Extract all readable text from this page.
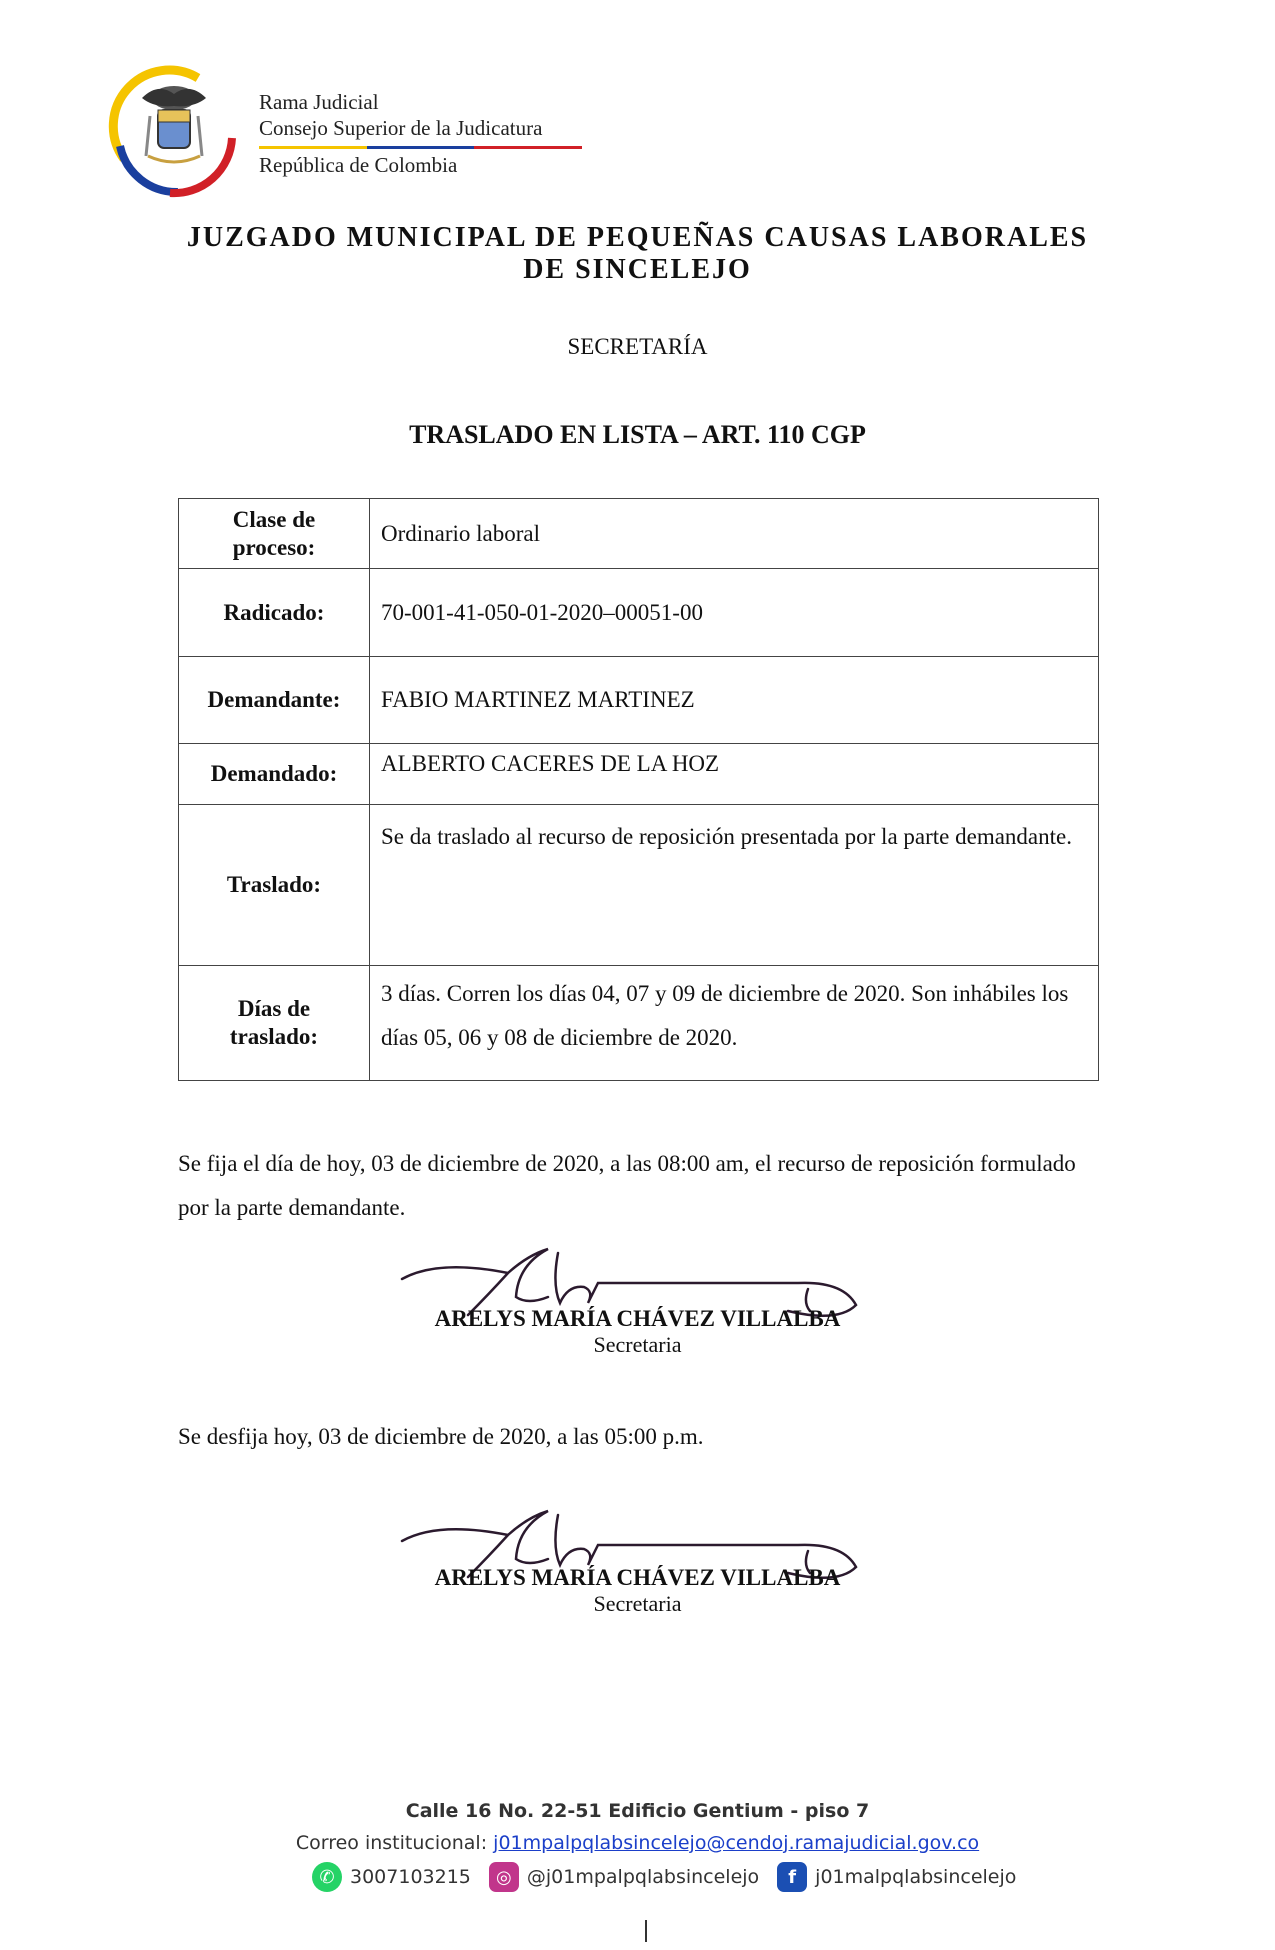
Rama Judicial
Consejo Superior de la Judicatura
República de Colombia
JUZGADO MUNICIPAL DE PEQUEÑAS CAUSAS LABORALES
DE SINCELEJO
SECRETARÍA
TRASLADO EN LISTA – ART. 110 CGP
Clase de
proceso:	Ordinario laboral
Radicado:	70-001-41-050-01-2020–00051-00
Demandante:	FABIO MARTINEZ MARTINEZ
Demandado:	ALBERTO CACERES DE LA HOZ
Traslado:	Se da traslado al recurso de reposición presentada por la parte demandante.

Días de
traslado:	3 días. Corren los días 04, 07 y 09 de diciembre de 2020. Son inhábiles los días 05, 06 y 08 de diciembre de 2020.
Se fija el día de hoy, 03 de diciembre de 2020, a las 08:00 am, el recurso de reposición formulado por la parte demandante.
ARELYS MARÍA CHÁVEZ VILLALBA
Secretaria
Se desfija hoy, 03 de diciembre de 2020, a las 05:00 p.m.
ARELYS MARÍA CHÁVEZ VILLALBA
Secretaria
Calle 16 No. 22-51 Edificio Gentium - piso 7
Correo institucional: j01mpalpqlabsincelejo@cendoj.ramajudicial.gov.co
✆ 3007103215	◎ @j01mpalpqlabsincelejo	f	j01malpqlabsincelejo
